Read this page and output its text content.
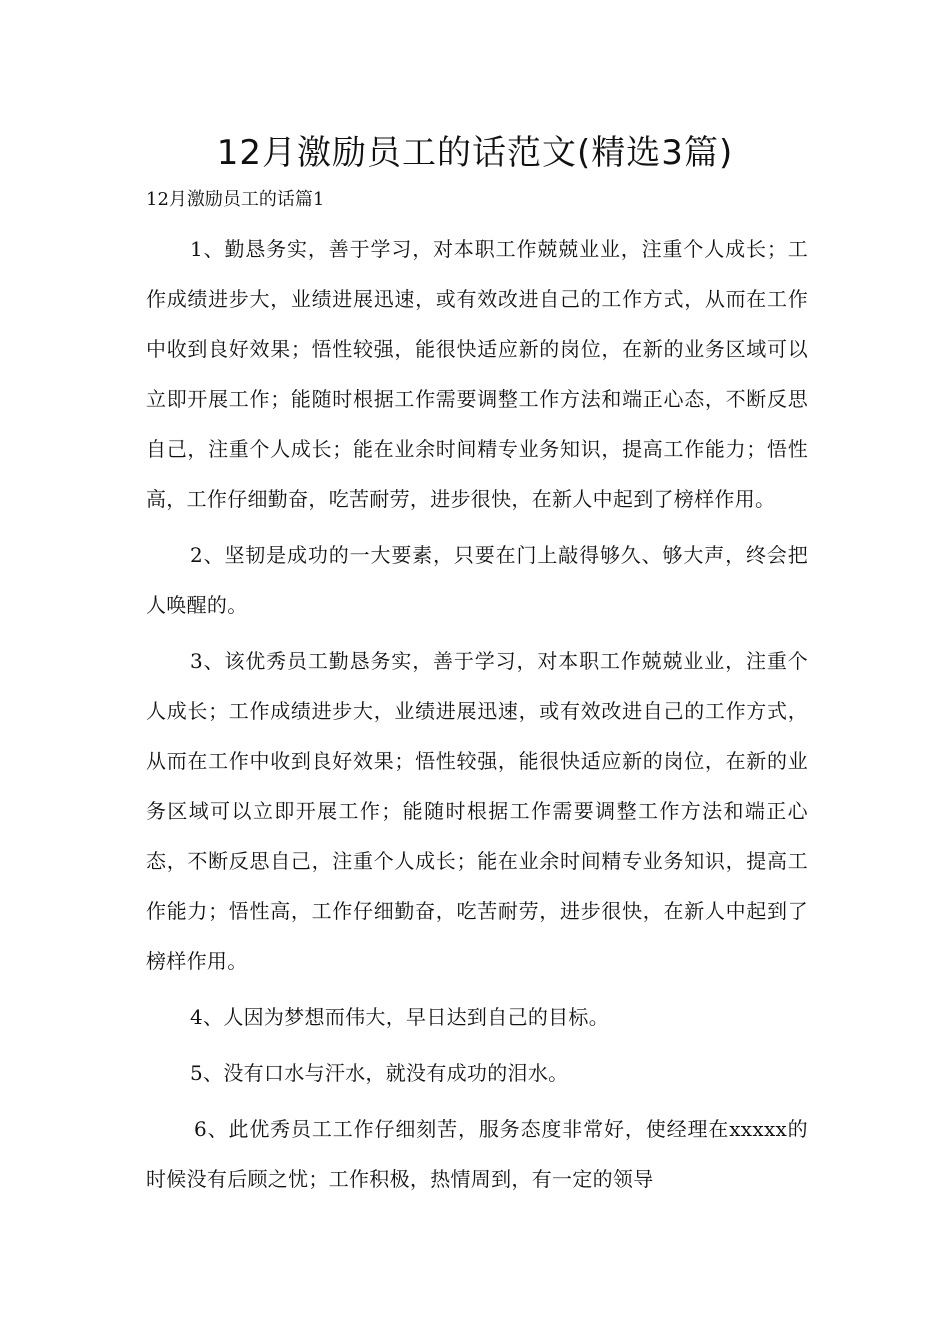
12月激励员工的话范文(精选3篇)
12月激励员工的话篇1

1、勤恳务实，善于学习，对本职工作兢兢业业，注重个人成长；工作成绩进步大，业绩进展迅速，或有效改进自己的工作方式，从而在工作中收到良好效果；悟性较强，能很快适应新的岗位，在新的业务区域可以立即开展工作；能随时根据工作需要调整工作方法和端正心态，不断反思自己，注重个人成长；能在业余时间精专业务知识，提高工作能力；悟性高，工作仔细勤奋，吃苦耐劳，进步很快，在新人中起到了榜样作用。

2、坚韧是成功的一大要素，只要在门上敲得够久、够大声，终会把人唤醒的。

3、该优秀员工勤恳务实，善于学习，对本职工作兢兢业业，注重个人成长；工作成绩进步大，业绩进展迅速，或有效改进自己的工作方式，从而在工作中收到良好效果；悟性较强，能很快适应新的岗位，在新的业务区域可以立即开展工作；能随时根据工作需要调整工作方法和端正心态，不断反思自己，注重个人成长；能在业余时间精专业务知识，提高工作能力；悟性高，工作仔细勤奋，吃苦耐劳，进步很快，在新人中起到了榜样作用。

4、人因为梦想而伟大，早日达到自己的目标。

5、没有口水与汗水，就没有成功的泪水。

6、此优秀员工工作仔细刻苦，服务态度非常好，使经理在xxxxx的时候没有后顾之忧；工作积极，热情周到，有一定的领导
